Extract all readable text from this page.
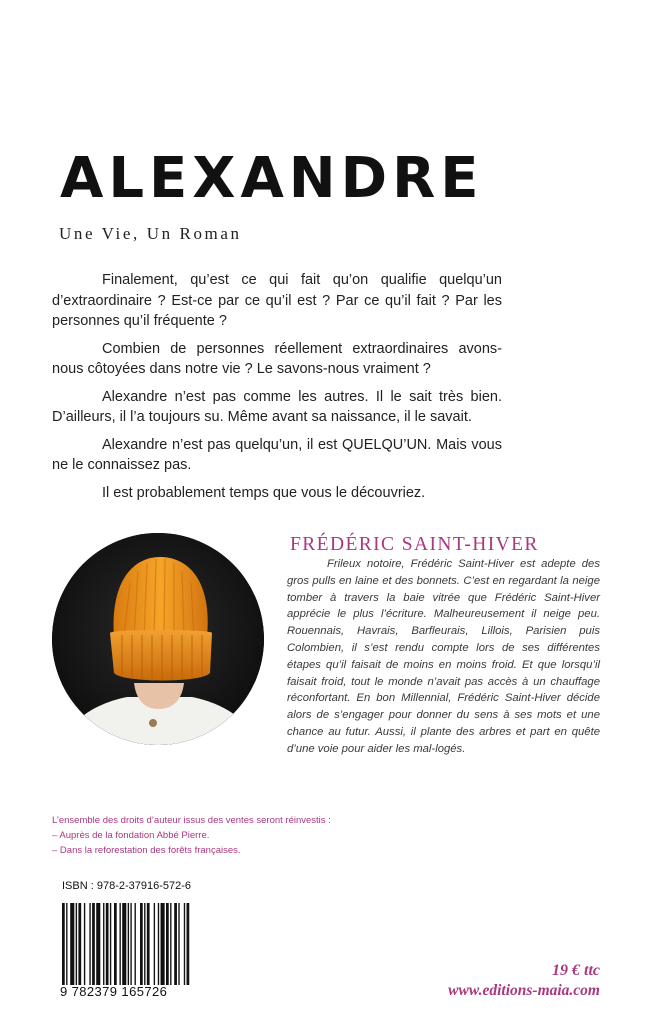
ALEXANDRE
Une Vie, Un Roman

Finalement, qu’est ce qui fait qu’on qualifie quelqu’un d’extraordinaire ? Est-ce par ce qu’il est ? Par ce qu’il fait ? Par les personnes qu’il fréquente ?

Combien de personnes réellement extraordinaires avons-nous côtoyées dans notre vie ? Le savons-nous vraiment ?

Alexandre n’est pas comme les autres. Il le sait très bien. D’ailleurs, il l’a toujours su. Même avant sa naissance, il le savait.

Alexandre n’est pas quelqu’un, il est QUELQU’UN. Mais vous ne le connaissez pas.

Il est probablement temps que vous le découvriez.

FRÉDÉRIC SAINT-HIVER

Frileux notoire, Frédéric Saint-Hiver est adepte des gros pulls en laine et des bonnets. C’est en regardant la neige tomber à travers la baie vitrée que Frédéric Saint-Hiver apprécie le plus l’écriture. Malheureusement il neige peu. Rouennais, Havrais, Barfleurais, Lillois, Parisien puis Colombien, il s’est rendu compte lors de ses différentes étapes qu’il faisait de moins en moins froid. Et que lorsqu’il faisait froid, tout le monde n’avait pas accès à un chauffage réconfortant. En bon Millennial, Frédéric Saint-Hiver décide alors de s’engager pour donner du sens à ses mots et une chance au futur. Aussi, il plante des arbres et part en quête d’une voie pour aider les mal-logés.

L’ensemble des droits d’auteur issus des ventes seront réinvestis :
– Auprès de la fondation Abbé Pierre.
– Dans la reforestation des forêts françaises.
ISBN : 978-2-37916-572-6
9 782379 165726
19 € ttc
www.editions-maia.com
